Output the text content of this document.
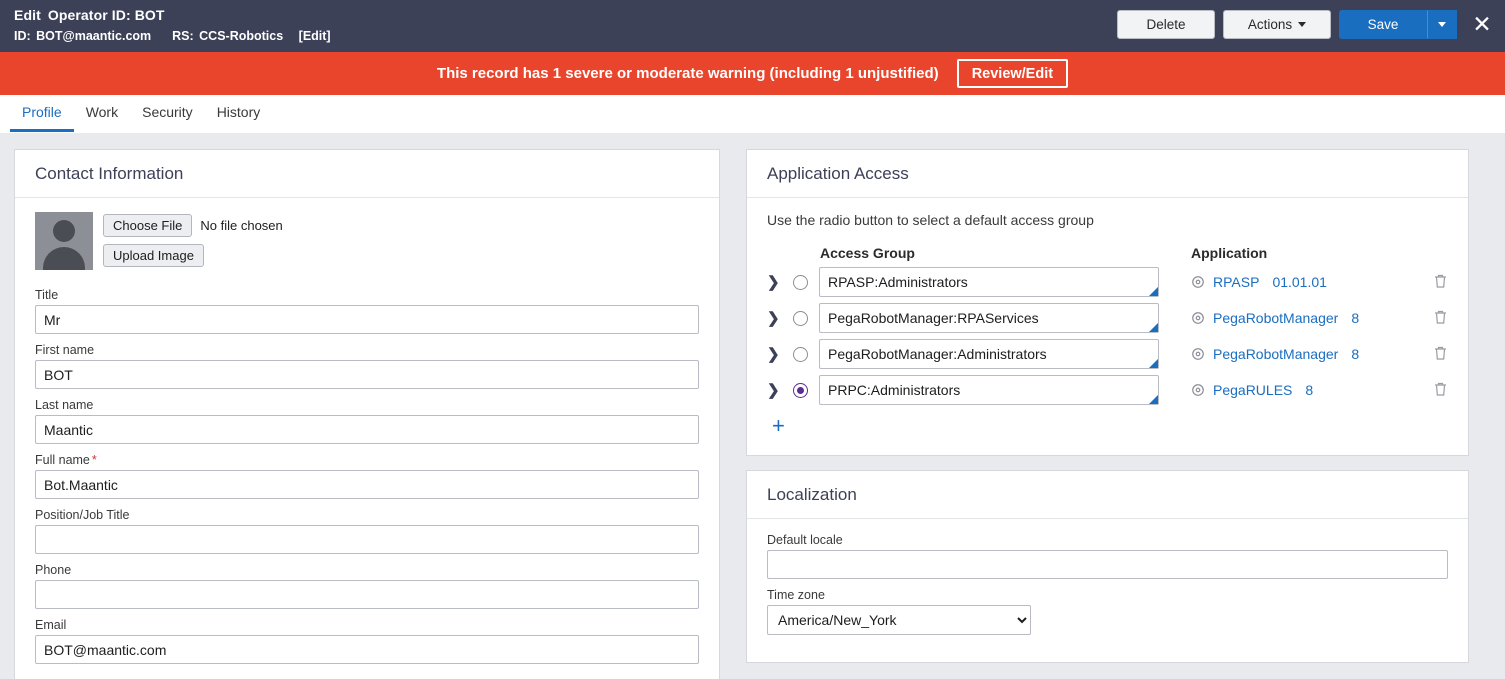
Edit Operator ID: BOT
ID: BOT@maantic.com RS: CCS-Robotics [Edit]
Delete	Actions	Save	✕
This record has 1 severe or moderate warning (including 1 unjustified)	Review/Edit
Profile Work Security History
Contact Information
Choose File	No file chosen
Upload Image
Title
Mr
First name
BOT
Last name
Maantic
Full name *
Bot.Maantic
Position/Job Title
Phone
Email
BOT@maantic.com
Application Access
Use the radio button to select a default access group
		Access Group	Application	
❯		
RPASP:Administrators	RPASP 01.01.01

❯		
PegaRobotManager:RPAServices	PegaRobotManager 8

❯		
PegaRobotManager:Administrators	PegaRobotManager 8

❯		
PRPC:Administrators	PegaRULES 8

+
Localization
Default locale
Time zone
America/New_York
